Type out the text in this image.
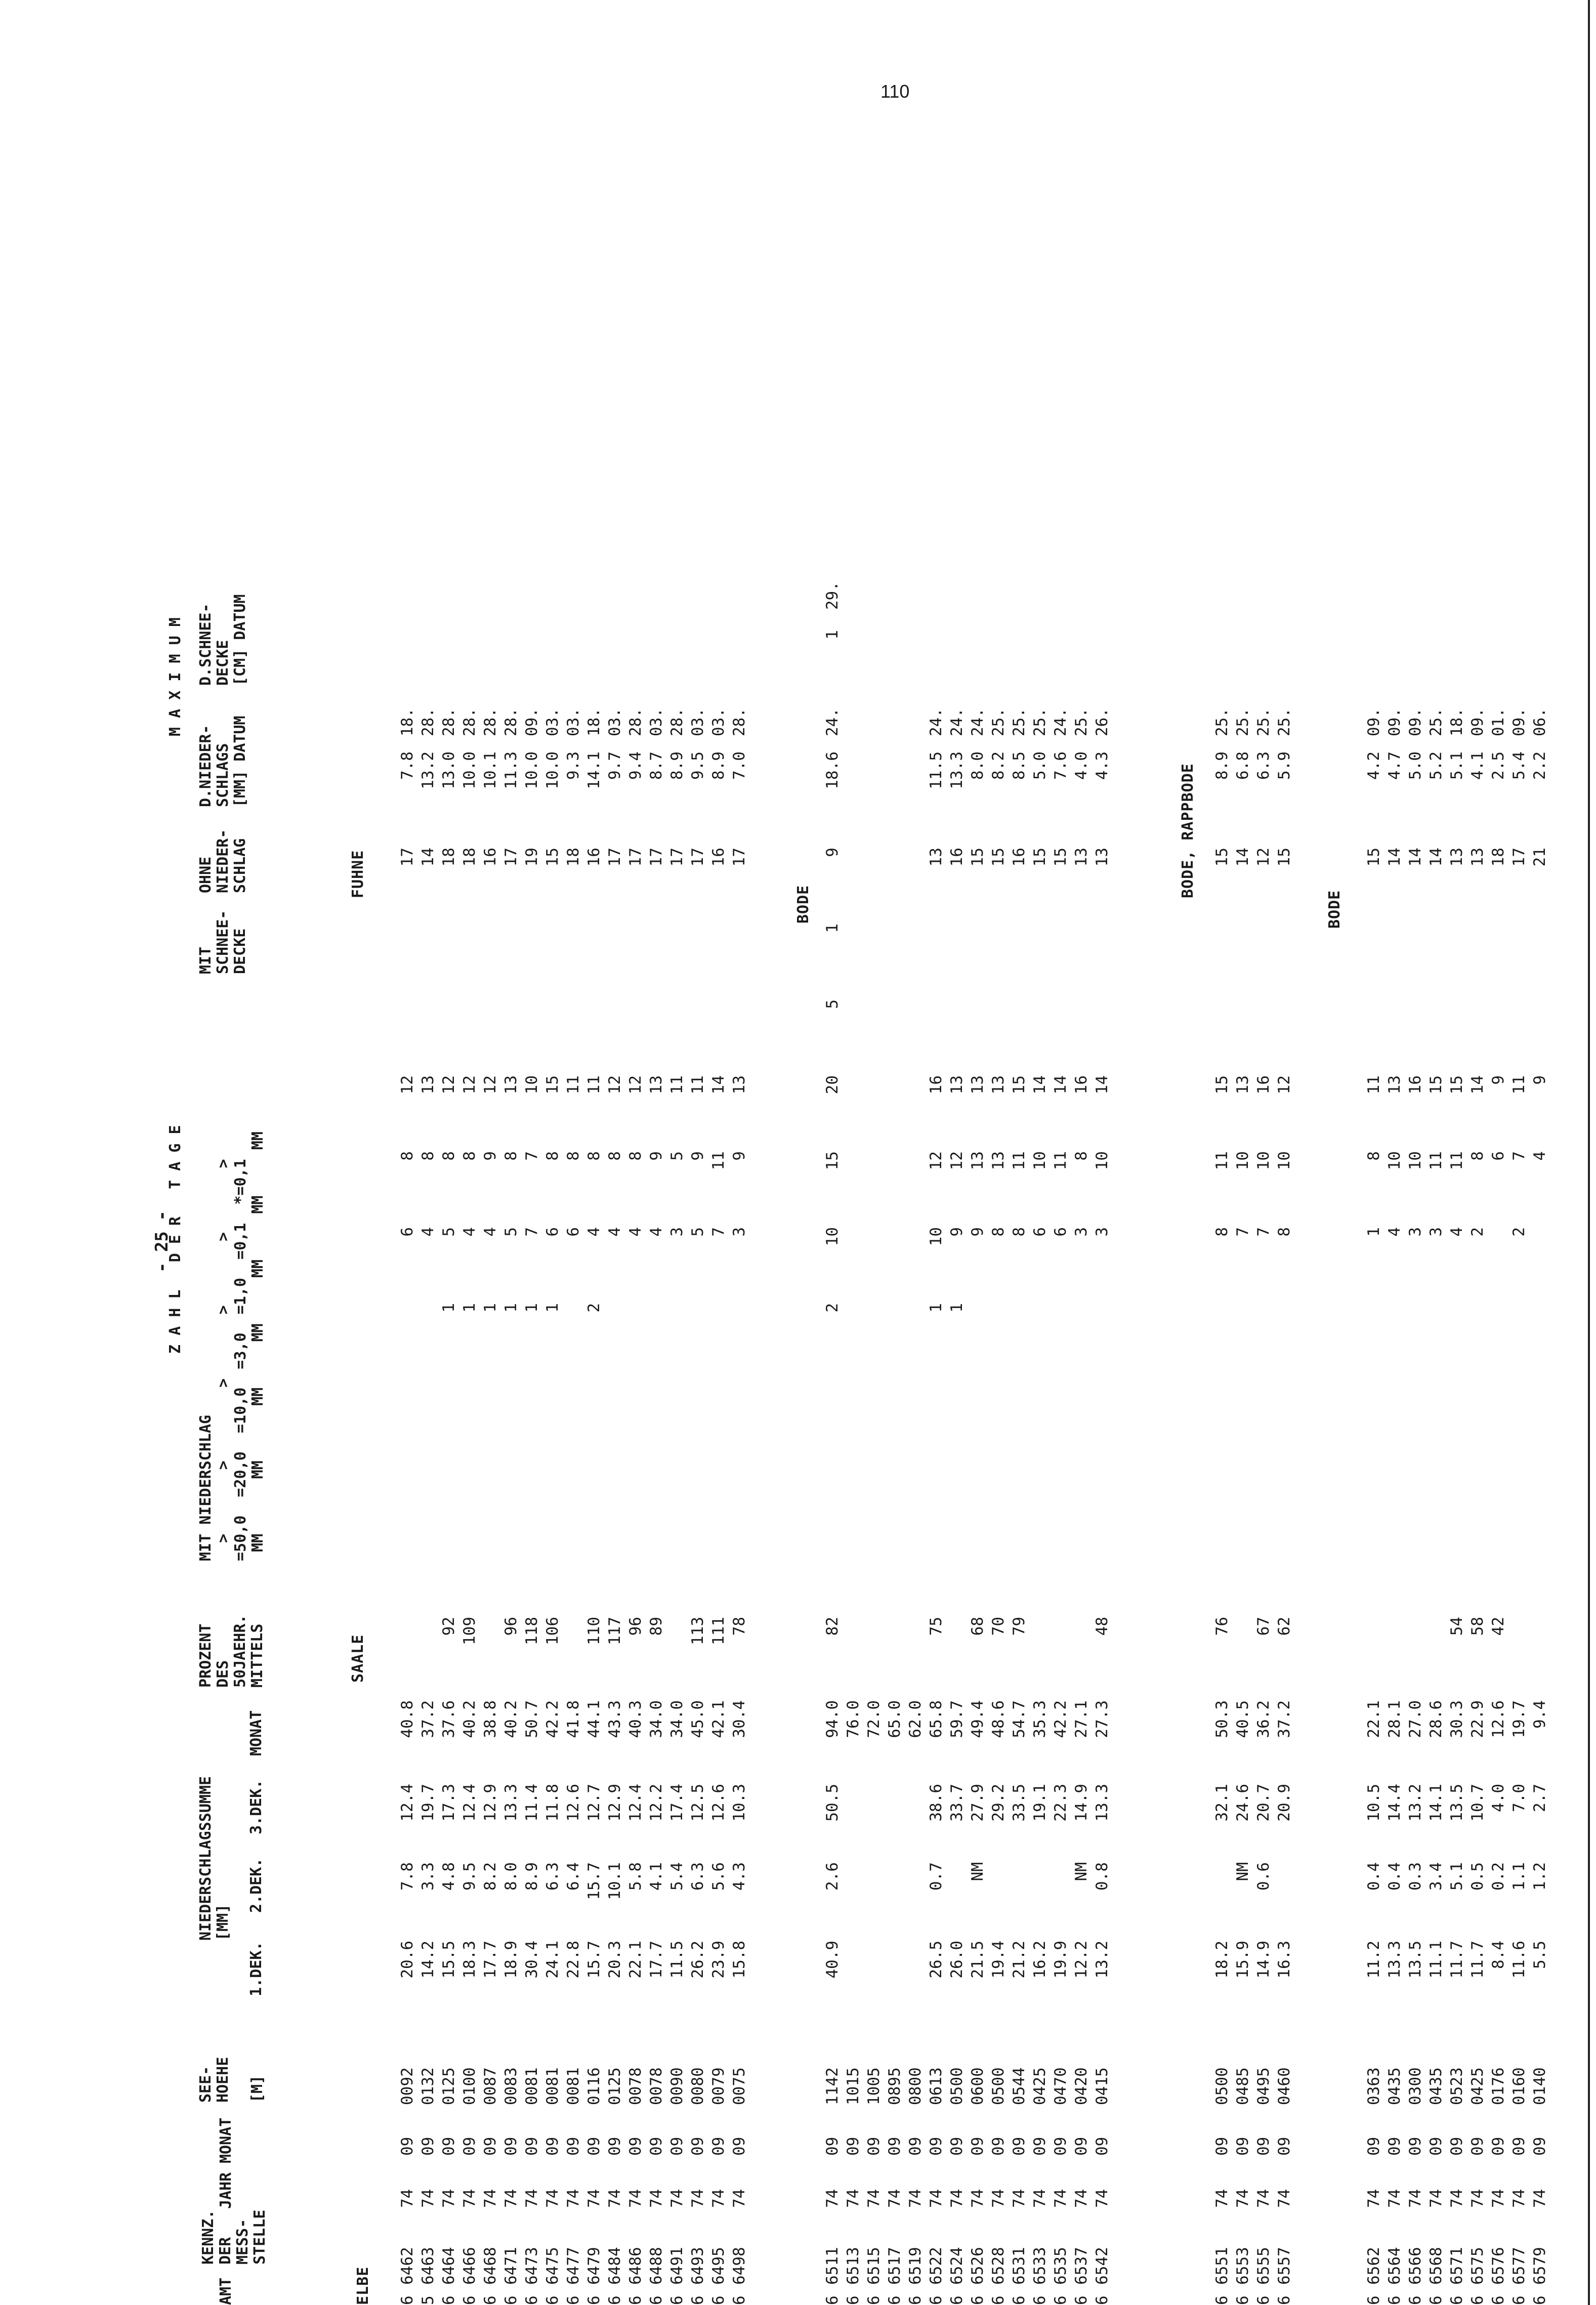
110
- 25 -
AMT
KENNZ.
DER
MESS-
STELLE
JAHR
MONAT
SEE-
HOEHE

[M]
NIEDERSCHLAGSSUMME
[MM]
1.DEK.
2.DEK.
3.DEK.
MONAT
PROZENT
DES
50JAEHR.
MITTELS
Z A H L   D E R   T A G E
MIT NIEDERSCHLAG >       >        >       >       >       >
=50,0  =20,0  =10,0  =3,0  =1,0  =0,1  *=0,1
MM      MM      MM     MM     MM     MM     MM
MIT
SCHNEE-
DECKE
OHNE
NIEDER-
SCHLAG
M A X I M U M
D.NIEDER-
SCHLAGS
[MM] DATUM
D.SCHNEE-
DECKE
[CM] DATUM
ELBE
SAALE
FUHNE
BODE
BODE, RAPPBODE
BODE
6
6462
74
09
0092
20.6
7.8
12.4
40.8
6
8
12
17
7.8
18.
5
6463
74
09
0132
14.2
3.3
19.7
37.2
4
8
13
14
13.2
28.
6
6464
74
09
0125
15.5
4.8
17.3
37.6
92
1
5
8
12
18
13.0
28.
6
6466
74
09
0100
18.3
9.5
12.4
40.2
109
1
4
8
12
18
10.0
28.
6
6468
74
09
0087
17.7
8.2
12.9
38.8
1
4
9
12
16
10.1
28.
6
6471
74
09
0083
18.9
8.0
13.3
40.2
96
1
5
8
13
17
11.3
28.
6
6473
74
09
0081
30.4
8.9
11.4
50.7
118
1
7
7
10
19
10.0
09.
6
6475
74
09
0081
24.1
6.3
11.8
42.2
106
1
6
8
15
15
10.0
03.
6
6477
74
09
0081
22.8
6.4
12.6
41.8
6
8
11
18
9.3
03.
6
6479
74
09
0116
15.7
15.7
12.7
44.1
110
2
4
8
11
16
14.1
18.
6
6484
74
09
0125
20.3
10.1
12.9
43.3
117
4
8
12
17
9.7
03.
6
6486
74
09
0078
22.1
5.8
12.4
40.3
96
4
8
12
17
9.4
28.
6
6488
74
09
0078
17.7
4.1
12.2
34.0
89
4
9
13
17
8.7
03.
6
6491
74
09
0090
11.5
5.4
17.4
34.0
3
5
11
17
8.9
28.
6
6493
74
09
0080
26.2
6.3
12.5
45.0
113
5
9
11
17
9.5
03.
6
6495
74
09
0079
23.9
5.6
12.6
42.1
111
7
11
14
16
8.9
03.
6
6498
74
09
0075
15.8
4.3
10.3
30.4
78
3
9
13
17
7.0
28.
6
6511
74
09
1142
40.9
2.6
50.5
94.0
82
2
10
15
20
5
1
9
18.6
24.
1
29.
6
6513
74
09
1015
76.0
6
6515
74
09
1005
72.0
6
6517
74
09
0895
65.0
6
6519
74
09
0800
62.0
6
6522
74
09
0613
26.5
0.7
38.6
65.8
75
1
10
12
16
13
11.5
24.
6
6524
74
09
0500
26.0
33.7
59.7
1
9
12
13
16
13.3
24.
6
6526
74
09
0600
21.5
NM
27.9
49.4
68
9
13
13
15
8.0
24.
6
6528
74
09
0500
19.4
29.2
48.6
70
8
13
13
15
8.2
25.
6
6531
74
09
0544
21.2
33.5
54.7
79
8
11
15
16
8.5
25.
6
6533
74
09
0425
16.2
19.1
35.3
6
10
14
15
5.0
25.
6
6535
74
09
0470
19.9
22.3
42.2
6
11
14
15
7.6
24.
6
6537
74
09
0420
12.2
NM
14.9
27.1
3
8
16
13
4.0
25.
6
6542
74
09
0415
13.2
0.8
13.3
27.3
48
3
10
14
13
4.3
26.
6
6551
74
09
0500
18.2
32.1
50.3
76
8
11
15
15
8.9
25.
6
6553
74
09
0485
15.9
NM
24.6
40.5
7
10
13
14
6.8
25.
6
6555
74
09
0495
14.9
0.6
20.7
36.2
67
7
10
16
12
6.3
25.
6
6557
74
09
0460
16.3
20.9
37.2
62
8
10
12
15
5.9
25.
6
6562
74
09
0363
11.2
0.4
10.5
22.1
1
8
11
15
4.2
09.
6
6564
74
09
0435
13.3
0.4
14.4
28.1
4
10
13
14
4.7
09.
6
6566
74
09
0300
13.5
0.3
13.2
27.0
3
10
16
14
5.0
09.
6
6568
74
09
0435
11.1
3.4
14.1
28.6
3
11
15
14
5.2
25.
6
6571
74
09
0523
11.7
5.1
13.5
30.3
54
4
11
15
13
5.1
18.
6
6575
74
09
0425
11.7
0.5
10.7
22.9
58
2
8
14
13
4.1
09.
6
6576
74
09
0176
8.4
0.2
4.0
12.6
42
6
9
18
2.5
01.
6
6577
74
09
0160
11.6
1.1
7.0
19.7
2
7
11
17
5.4
09.
6
6579
74
09
0140
5.5
1.2
2.7
9.4
4
9
21
2.2
06.
